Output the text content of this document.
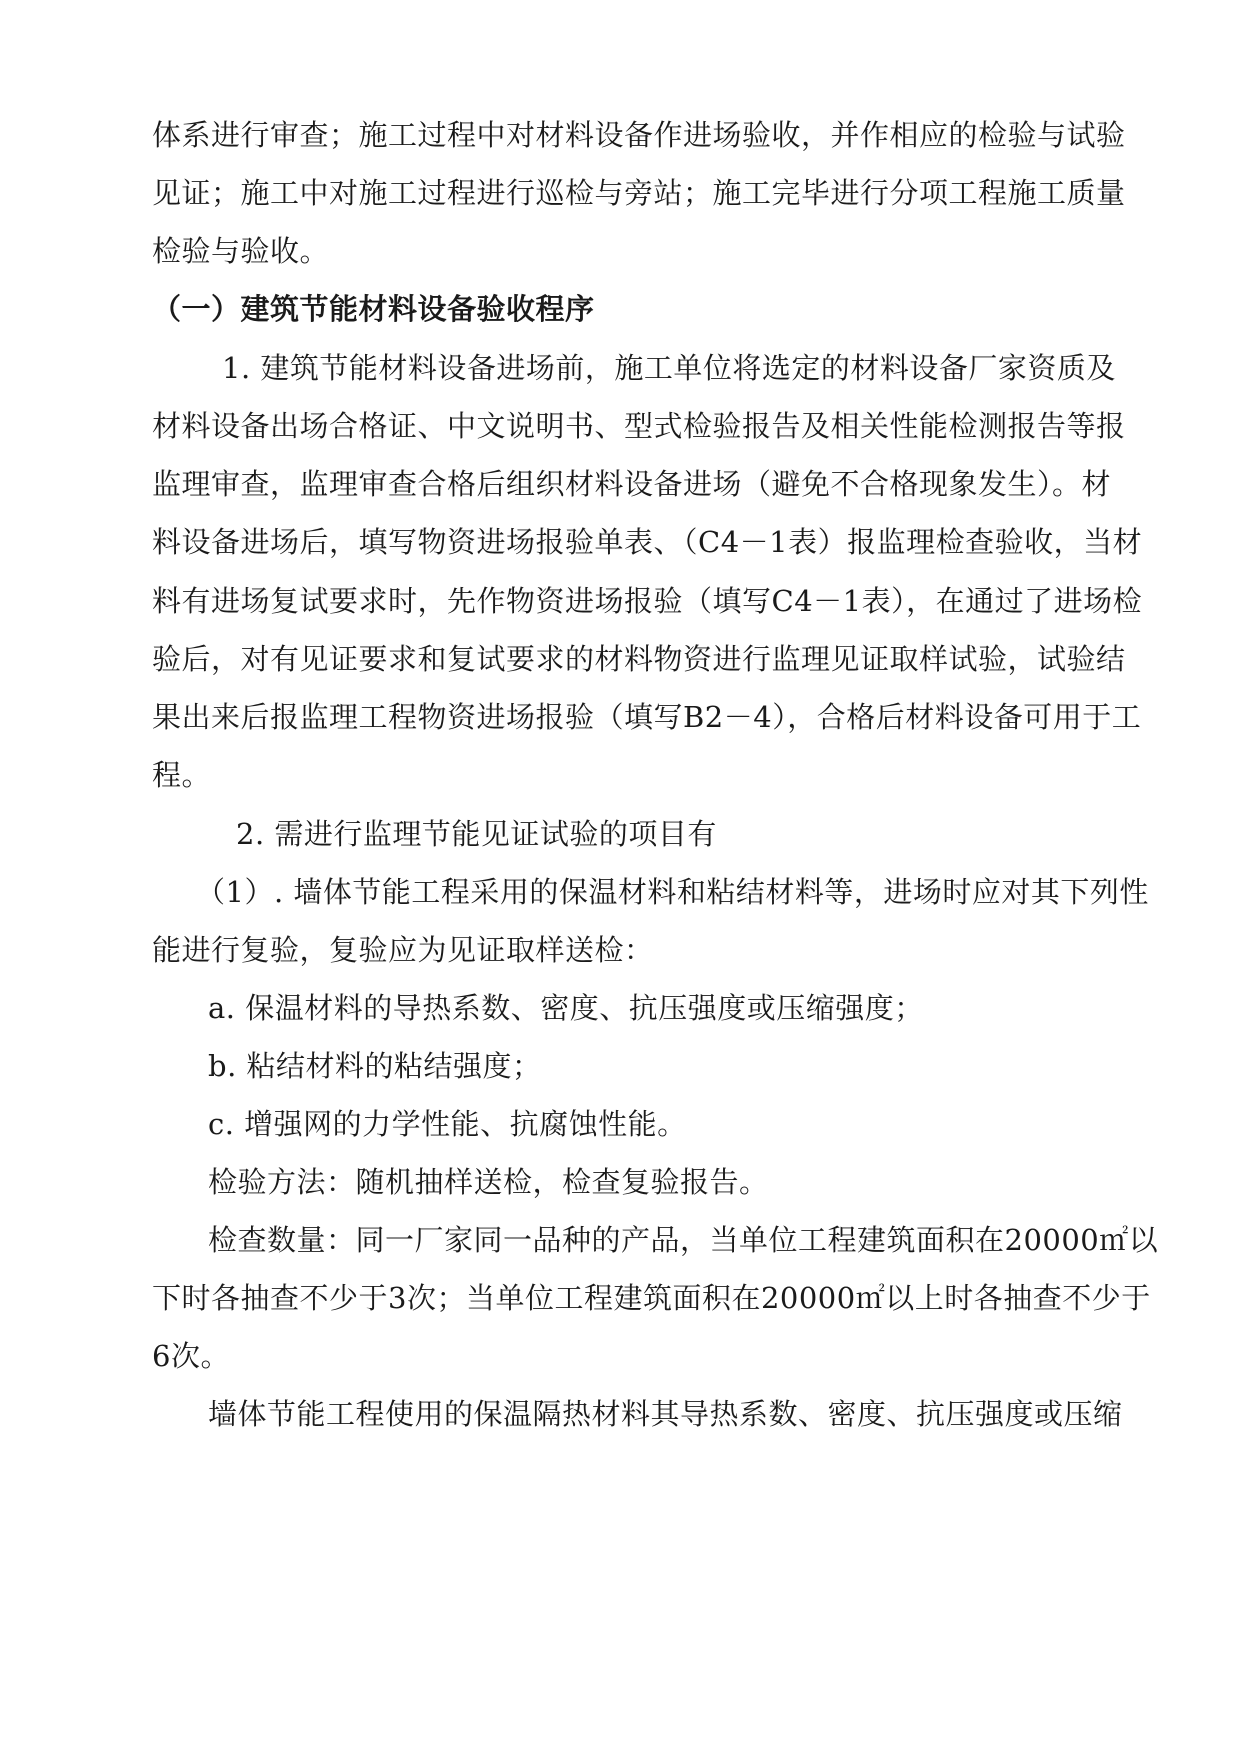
体系进行审查；施工过程中对材料设备作进场验收，并作相应的检验与试验
见证；施工中对施工过程进行巡检与旁站；施工完毕进行分项工程施工质量
检验与验收。
（一）建筑节能材料设备验收程序
1. 建筑节能材料设备进场前，施工单位将选定的材料设备厂家资质及
材料设备出场合格证、中文说明书、型式检验报告及相关性能检测报告等报
监理审查，监理审查合格后组织材料设备进场（避免不合格现象发生）。材
料设备进场后，填写物资进场报验单表、（C4－1表）报监理检查验收，当材
料有进场复试要求时，先作物资进场报验（填写C4－1表），在通过了进场检
验后，对有见证要求和复试要求的材料物资进行监理见证取样试验，试验结
果出来后报监理工程物资进场报验（填写B2－4），合格后材料设备可用于工
程。
2. 需进行监理节能见证试验的项目有
（1）. 墙体节能工程采用的保温材料和粘结材料等，进场时应对其下列性
能进行复验，复验应为见证取样送检：
a. 保温材料的导热系数、密度、抗压强度或压缩强度；
b. 粘结材料的粘结强度；
c. 增强网的力学性能、抗腐蚀性能。
检验方法：随机抽样送检，检查复验报告。
检查数量：同一厂家同一品种的产品，当单位工程建筑面积在20000㎡以
下时各抽查不少于3次；当单位工程建筑面积在20000㎡以上时各抽查不少于
6次。
墙体节能工程使用的保温隔热材料其导热系数、密度、抗压强度或压缩
